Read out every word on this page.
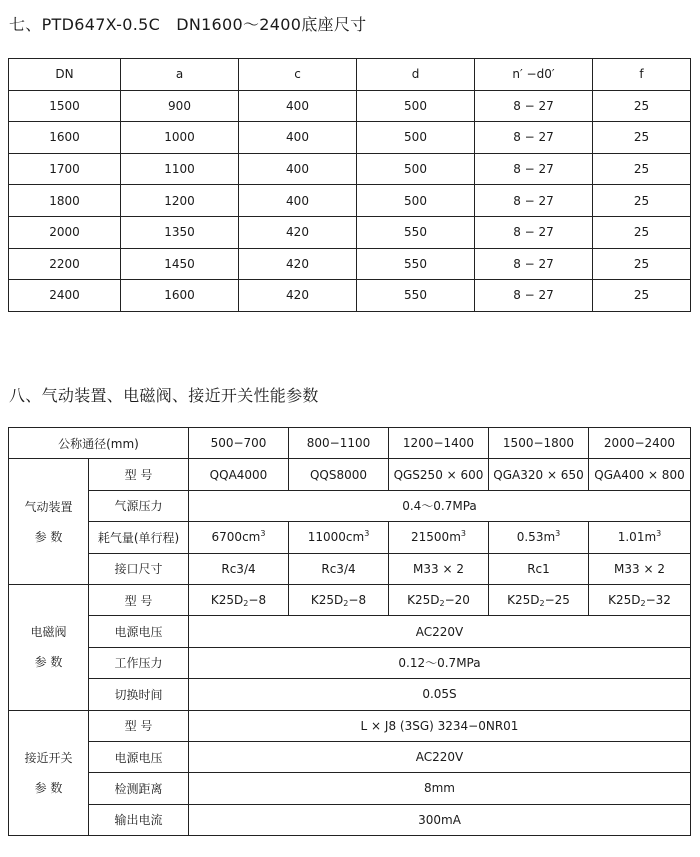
七、PTD647X-0.5C   DN1600～2400底座尺寸
DN	a	c	d	n′ −d0′	f
1500	900	400	500	8 − 27	25
1600	1000	400	500	8 − 27	25
1700	1100	400	500	8 − 27	25
1800	1200	400	500	8 − 27	25
2000	1350	420	550	8 − 27	25
2200	1450	420	550	8 − 27	25
2400	1600	420	550	8 − 27	25
八、气动装置、电磁阀、接近开关性能参数
公称通径(mm)		500−700	800−1100	1200−1400	1500−1800	2000−2400

气动装置
参 数	型 号	QQA4000	QQS8000	QGS250 × 600	QGA320 × 650	QGA400 × 800
	气源压力	0.4～0.7MPa				
	耗气量(单行程)	$6700cm^3$	$11000cm^3$	$21500m^3$	$0.53m^3$	$1.01m^3$
	接口尺寸	Rc3/4	Rc3/4	M33 × 2	Rc1	M33 × 2

电磁阀
参 数	型 号	$K25D_2-8$	$K25D_2-8$	$K25D_2-20$	$K25D_2-25$	$K25D_2-32$
	电源电压	AC220V				
	工作压力	0.12～0.7MPa				
	切换时间	0.05S				

接近开关
参 数	型 号	L × J8 (3SG) 3234−0NR01				
	电源电压	AC220V				
	检测距离	8mm				
	输出电流	300mA				
